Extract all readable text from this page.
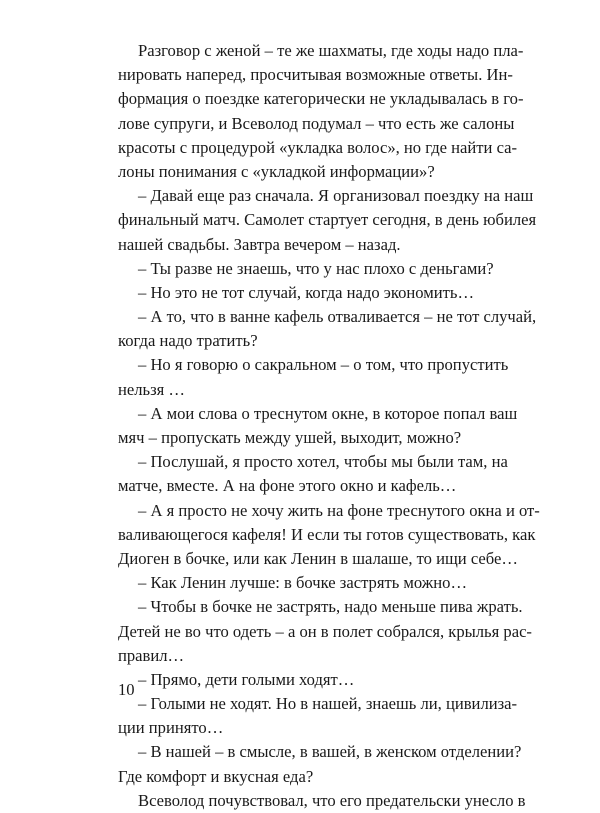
Разговор с женой – те же шахматы, где ходы надо пла-
нировать наперед, просчитывая возможные ответы. Ин-
формация о поездке категорически не укладывалась в го-
лове супруги, и Всеволод подумал – что есть же салоны
красоты с процедурой «укладка волос», но где найти са-
лоны понимания с «укладкой информации»?
– Давай еще раз сначала. Я организовал поездку на наш
финальный матч. Самолет стартует сегодня, в день юбилея
нашей свадьбы. Завтра вечером – назад.
– Ты разве не знаешь, что у нас плохо с деньгами?
– Но это не тот случай, когда надо экономить…
– А то, что в ванне кафель отваливается – не тот случай,
когда надо тратить?
– Но я говорю о сакральном – о том, что пропустить
нельзя …
– А мои слова о треснутом окне, в которое попал ваш
мяч – пропускать между ушей, выходит, можно?
– Послушай, я просто хотел, чтобы мы были там, на
матче, вместе. А на фоне этого окно и кафель…
– А я просто не хочу жить на фоне треснутого окна и от-
валивающегося кафеля! И если ты готов существовать, как
Диоген в бочке, или как Ленин в шалаше, то ищи себе…
– Как Ленин лучше: в бочке застрять можно…
– Чтобы в бочке не застрять, надо меньше пива жрать.
Детей не во что одеть – а он в полет собрался, крылья рас-
правил…
– Прямо, дети голыми ходят…
– Голыми не ходят. Но в нашей, знаешь ли, цивилиза-
ции принято…
– В нашей – в смысле, в вашей, в женском отделении?
Где комфорт и вкусная еда?
Всеволод почувствовал, что его предательски унесло в
10
